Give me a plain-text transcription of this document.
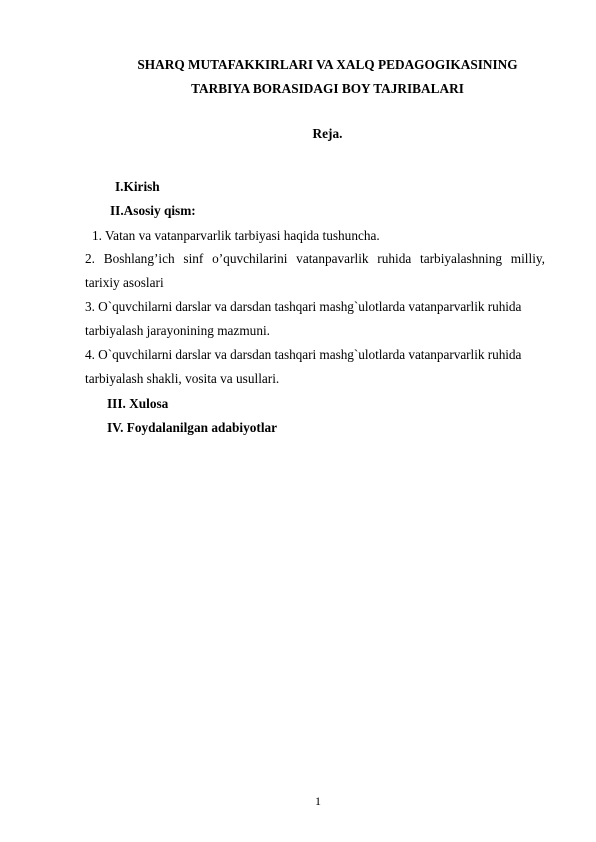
SHARQ MUTAFAKKIRLARI VA XALQ PEDAGOGIKASINING
TARBIYA BORASIDAGI BOY TAJRIBALARI
Reja.
I.Kirish
II.Asosiy qism:
1. Vatan va vatanparvarlik tarbiyasi haqida tushuncha.
2. Boshlang’ich sinf o’quvchilarini vatanpavarlik ruhida tarbiyalashning milliy,
tarixiy asoslari
3. O`quvchilarni darslar va darsdan tashqari mashg`ulotlarda vatanparvarlik ruhida
tarbiyalash jarayonining mazmuni.
4. O`quvchilarni darslar va darsdan tashqari mashg`ulotlarda vatanparvarlik ruhida
tarbiyalash shakli, vosita va usullari.
III. Xulosa
IV. Foydalanilgan adabiyotlar
1
